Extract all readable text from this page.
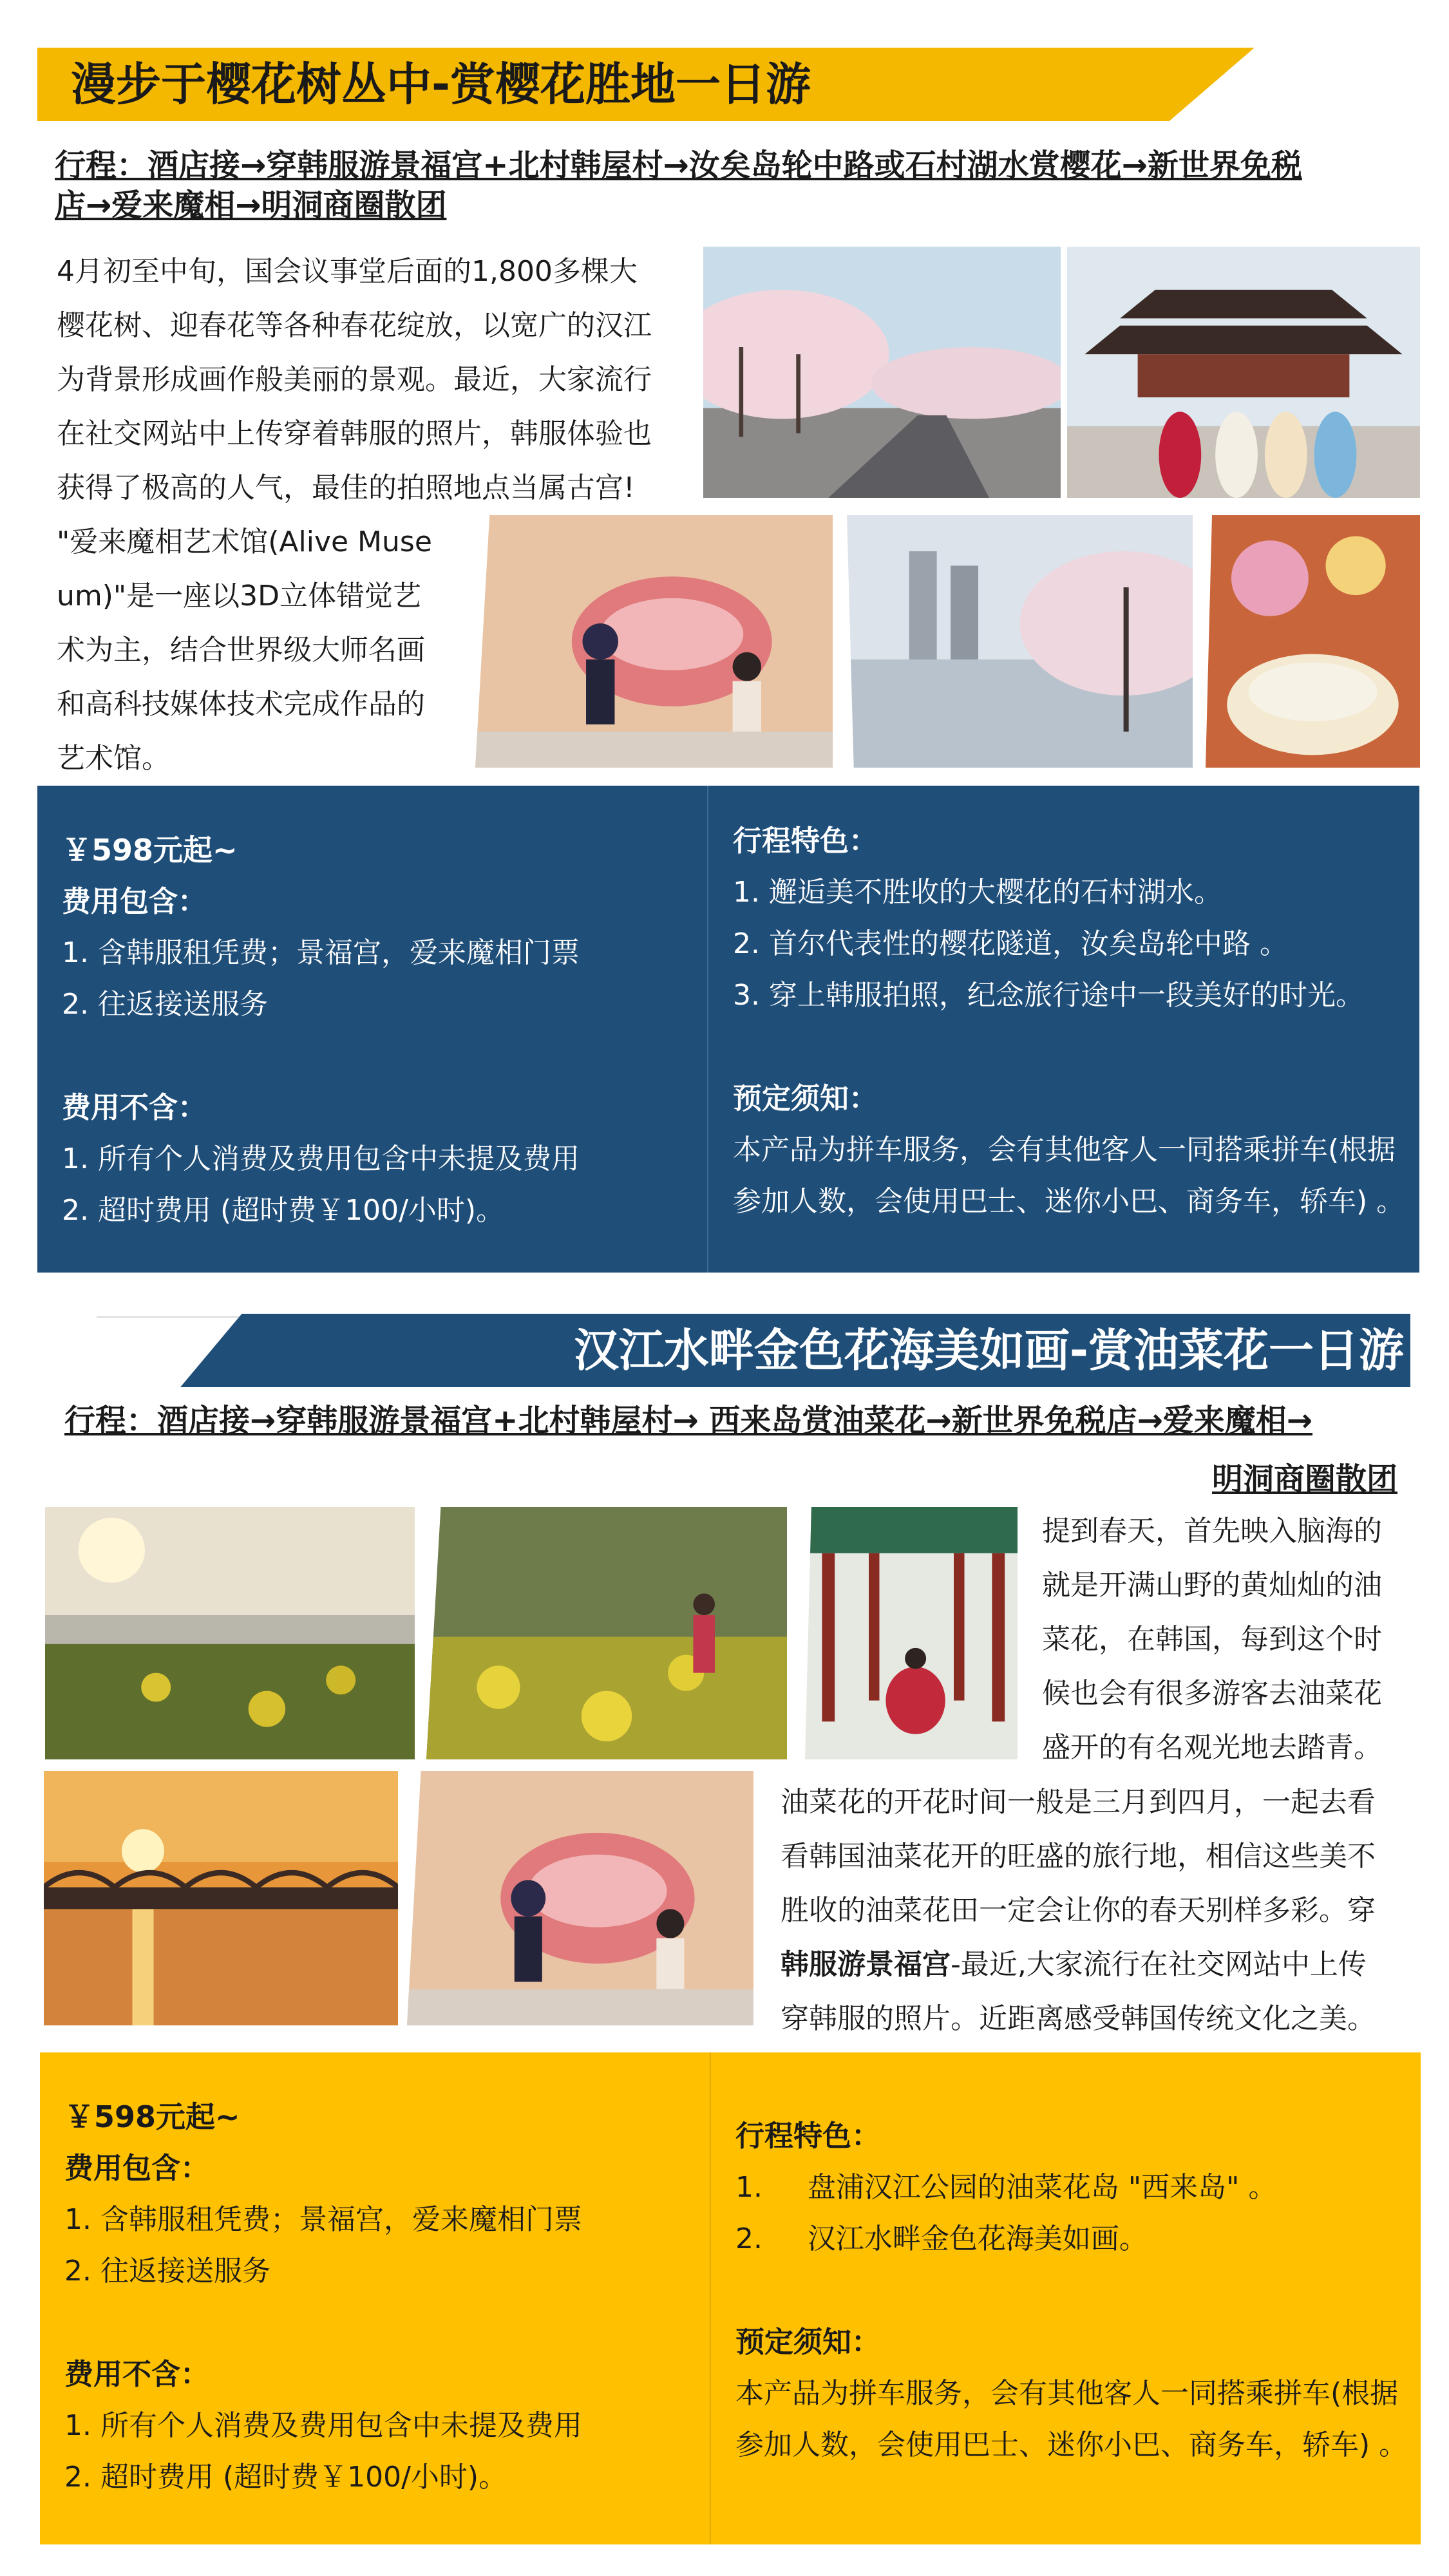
漫步于樱花树丛中-赏樱花胜地一日游
行程：酒店接→穿韩服游景福宫+北村韩屋村→汝矣岛轮中路或石村湖水赏樱花→新世界免税
店→爱来魔相→明洞商圈散团
4月初至中旬，国会议事堂后面的1,800多棵大
樱花树、迎春花等各种春花绽放，以宽广的汉江
为背景形成画作般美丽的景观。最近，大家流行
在社交网站中上传穿着韩服的照片，韩服体验也
获得了极高的人气，最佳的拍照地点当属古宫!
"爱来魔相艺术馆(Alive Muse
um)"是一座以3D立体错觉艺
术为主，结合世界级大师名画
和高科技媒体技术完成作品的
艺术馆。
￥598元起~
费用包含：
1. 含韩服租凭费；景福宫，爱来魔相门票
2. 往返接送服务
费用不含：
1. 所有个人消费及费用包含中未提及费用
2. 超时费用 (超时费￥100/小时)。
行程特色：
1. 邂逅美不胜收的大樱花的石村湖水。
2. 首尔代表性的樱花隧道，汝矣岛轮中路 。
3. 穿上韩服拍照，纪念旅行途中一段美好的时光。
预定须知：
本产品为拼车服务，会有其他客人一同搭乘拼车(根据
参加人数，会使用巴士、迷你小巴、商务车，轿车) 。
汉江水畔金色花海美如画-赏油菜花一日游
行程：酒店接→穿韩服游景福宫+北村韩屋村→ 西来岛赏油菜花→新世界免税店→爱来魔相→
明洞商圈散团
提到春天，首先映入脑海的
就是开满山野的黄灿灿的油
菜花，在韩国，每到这个时
候也会有很多游客去油菜花
盛开的有名观光地去踏青。
油菜花的开花时间一般是三月到四月，一起去看
看韩国油菜花开的旺盛的旅行地，相信这些美不
胜收的油菜花田一定会让你的春天别样多彩。穿
韩服游景福宫-最近,大家流行在社交网站中上传
穿韩服的照片。近距离感受韩国传统文化之美。
￥598元起~
费用包含：
1. 含韩服租凭费；景福宫，爱来魔相门票
2. 往返接送服务
费用不含：
1. 所有个人消费及费用包含中未提及费用
2. 超时费用 (超时费￥100/小时)。
行程特色：
1.     盘浦汉江公园的油菜花岛 "西来岛" 。
2.     汉江水畔金色花海美如画。
预定须知：
本产品为拼车服务，会有其他客人一同搭乘拼车(根据
参加人数，会使用巴士、迷你小巴、商务车，轿车) 。
